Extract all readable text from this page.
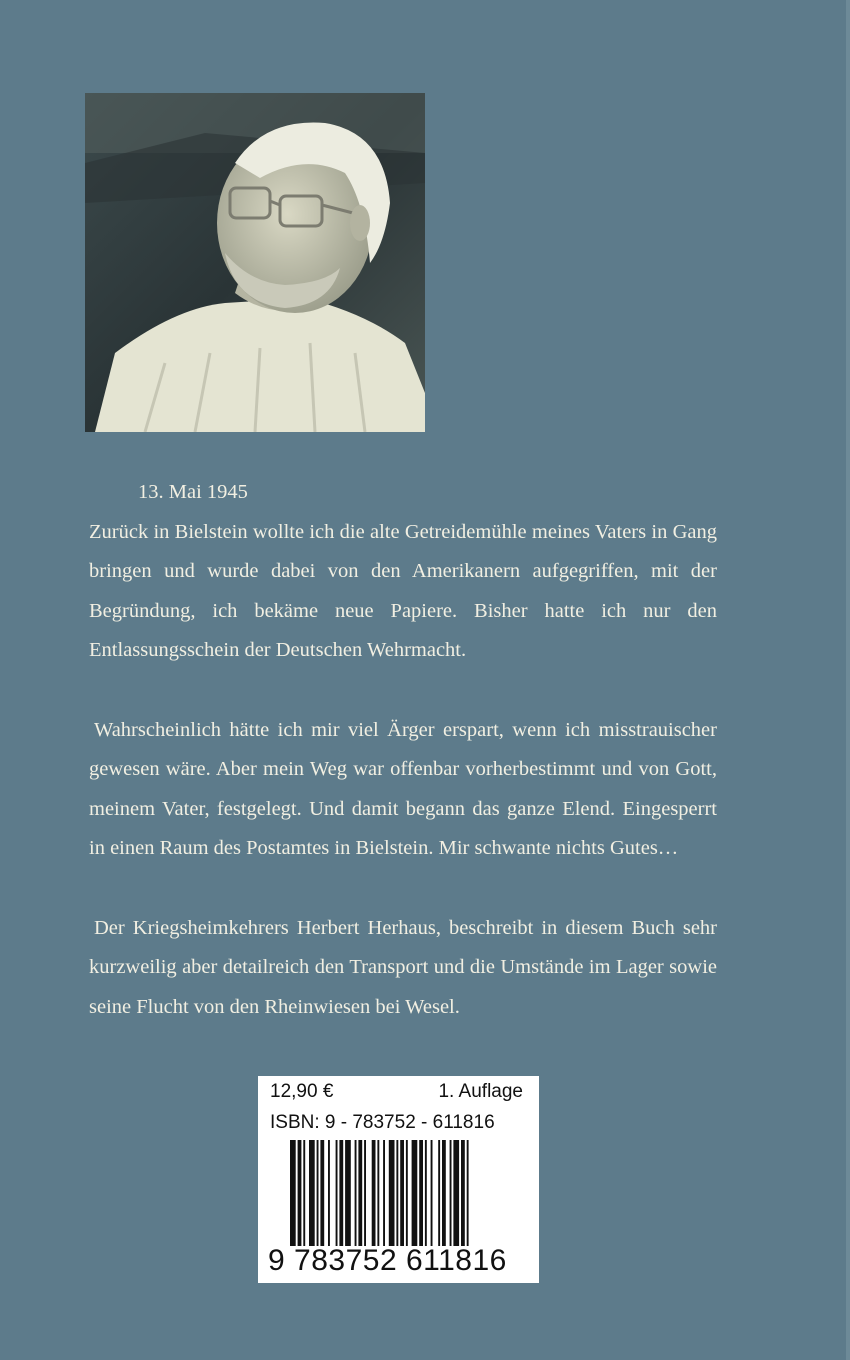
13. Mai 1945

Zurück in Bielstein wollte ich die alte Getreidemühle meines Vaters in Gang bringen und wurde dabei von den Amerikanern aufgegriffen, mit der Begründung, ich bekäme neue Papiere. Bisher hatte ich nur den Entlassungsschein der Deutschen Wehrmacht.

Wahrscheinlich hätte ich mir viel Ärger erspart, wenn ich misstrauischer gewesen wäre. Aber mein Weg war offenbar vorherbestimmt und von Gott, meinem Vater, festgelegt. Und damit begann das ganze Elend. Eingesperrt in einen Raum des Postamtes in Bielstein. Mir schwante nichts Gutes…

Der Kriegsheimkehrers Herbert Herhaus, beschreibt in diesem Buch sehr kurzweilig aber detailreich den Transport und die Umstände im Lager sowie seine Flucht von den Rheinwiesen bei Wesel.

12,90 €	1. Auflage
ISBN: 9 - 783752 - 611816
9 783752 611816
